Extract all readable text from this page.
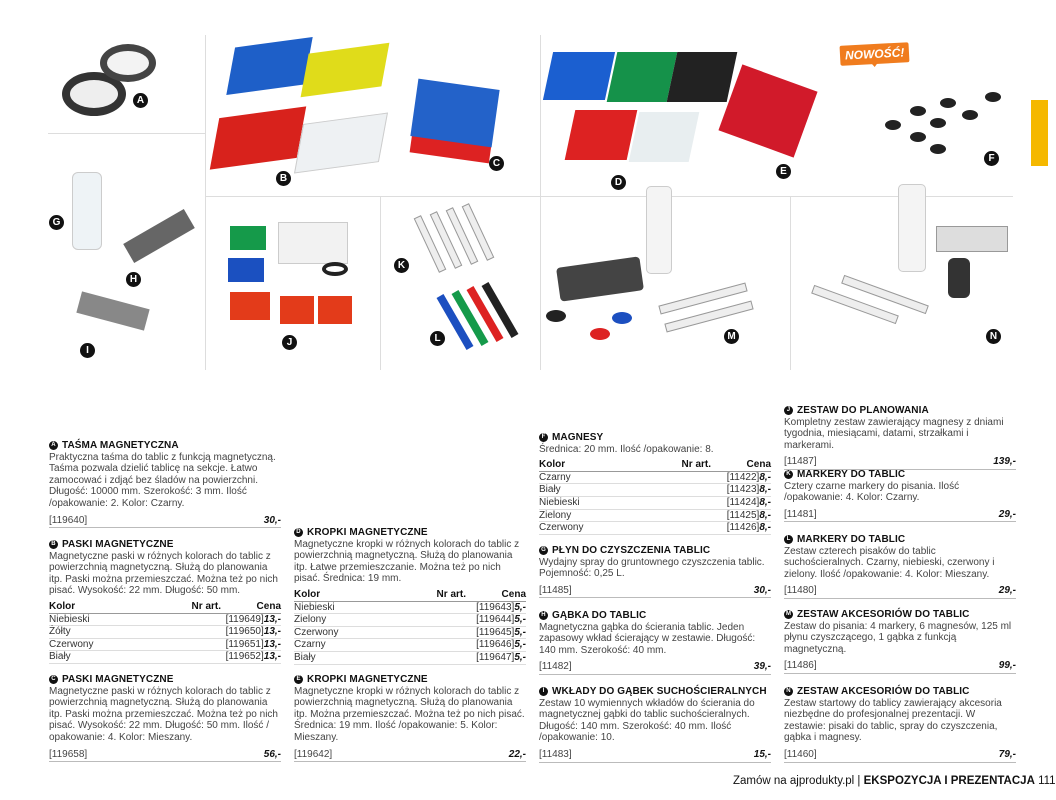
NOWOŚĆ!
A
B
C
D
E
F
G
H
I
J
K
L	M	N
A TAŚMA MAGNETYCZNA
Praktyczna taśma do tablic z funkcją magnetyczną. Taśma pozwala dzielić tablicę na sekcje. Łatwo zamocować i zdjąć bez śladów na powierzchni. Długość: 10000 mm. Szerokość: 3 mm. Ilość /opakowanie: 2. Kolor: Czarny.
[119640]	30,-
B PASKI MAGNETYCZNE
Magnetyczne paski w różnych kolorach do tablic z powierzchnią magnetyczną. Służą do planowania itp. Paski można przemieszczać. Można też po nich pisać. Wysokość: 22 mm. Długość: 50 mm.
Kolor	Nr art.	Cena
Niebieski	[119649] 13,-
Żółty	[119650] 13,-
Czerwony	[119651] 13,-
Biały	[119652] 13,-
C PASKI MAGNETYCZNE
Magnetyczne paski w różnych kolorach do tablic z powierzchnią magnetyczną. Służą do planowania itp. Paski można przemieszczać. Można też po nich pisać. Wysokość: 22 mm. Długość: 50 mm. Ilość / opakowanie: 4. Kolor: Mieszany.
[119658]	56,-
D KROPKI MAGNETYCZNE
Magnetyczne kropki w różnych kolorach do tablic z powierzchnią magnetyczną. Służą do planowania itp. Łatwe przemieszczanie. Można też po nich pisać. Średnica: 19 mm.
Kolor	Nr art.	Cena
Niebieski	[119643] 5,-
Zielony	[119644] 5,-
Czerwony	[119645] 5,-
Czarny	[119646] 5,-
Biały	[119647] 5,-
E KROPKI MAGNETYCZNE
Magnetyczne kropki w różnych kolorach do tablic z powierzchnią magnetyczną. Służą do planowania itp. Można przemieszczać. Można też po nich pisać. Średnica: 19 mm. Ilość /opakowanie: 5. Kolor: Mieszany.
[119642]	22,-
F MAGNESY
Średnica: 20 mm. Ilość /opakowanie: 8.
Kolor	Nr art.	Cena
Czarny	[11422] 8,-
Biały	[11423] 8,-
Niebieski	[11424] 8,-
Zielony	[11425] 8,-
Czerwony	[11426] 8,-
G PŁYN DO CZYSZCZENIA TABLIC
Wydajny spray do gruntownego czyszczenia tablic. Pojemność: 0,25 L.
[11485]	30,-
H GĄBKA DO TABLIC
Magnetyczna gąbka do ścierania tablic. Jeden zapasowy wkład ścierający w zestawie. Długość: 140 mm. Szerokość: 40 mm.
[11482]	39,-
I WKŁADY DO GĄBEK SUCHOŚCIERALNYCH
Zestaw 10 wymiennych wkładów do ścierania do magnetycznej gąbki do tablic suchościeralnych. Długość: 140 mm. Szerokość: 40 mm. Ilość /opakowanie: 10.
[11483]	15,-
J ZESTAW DO PLANOWANIA
Kompletny zestaw zawierający magnesy z dniami tygodnia, miesiącami, datami, strzałkami i markerami.
[11487]	139,-
K MARKERY DO TABLIC
Cztery czarne markery do pisania. Ilość /opakowanie: 4. Kolor: Czarny.
[11481]	29,-
L MARKERY DO TABLIC
Zestaw czterech pisaków do tablic suchościeralnych. Czarny, niebieski, czerwony i zielony. Ilość /opakowanie: 4. Kolor: Mieszany.
[11480]	29,-
M ZESTAW AKCESORIÓW DO TABLIC
Zestaw do pisania: 4 markery, 6 magnesów, 125 ml płynu czyszczącego, 1 gąbka z funkcją magnetyczną.
[11486]	99,-
N ZESTAW AKCESORIÓW DO TABLIC
Zestaw startowy do tablicy zawierający akcesoria niezbędne do profesjonalnej prezentacji. W zestawie: pisaki do tablic, spray do czyszczenia, gąbka i magnesy.
[11460]	79,-
Zamów na ajprodukty.pl | EKSPOZYCJA I PREZENTACJA 111
